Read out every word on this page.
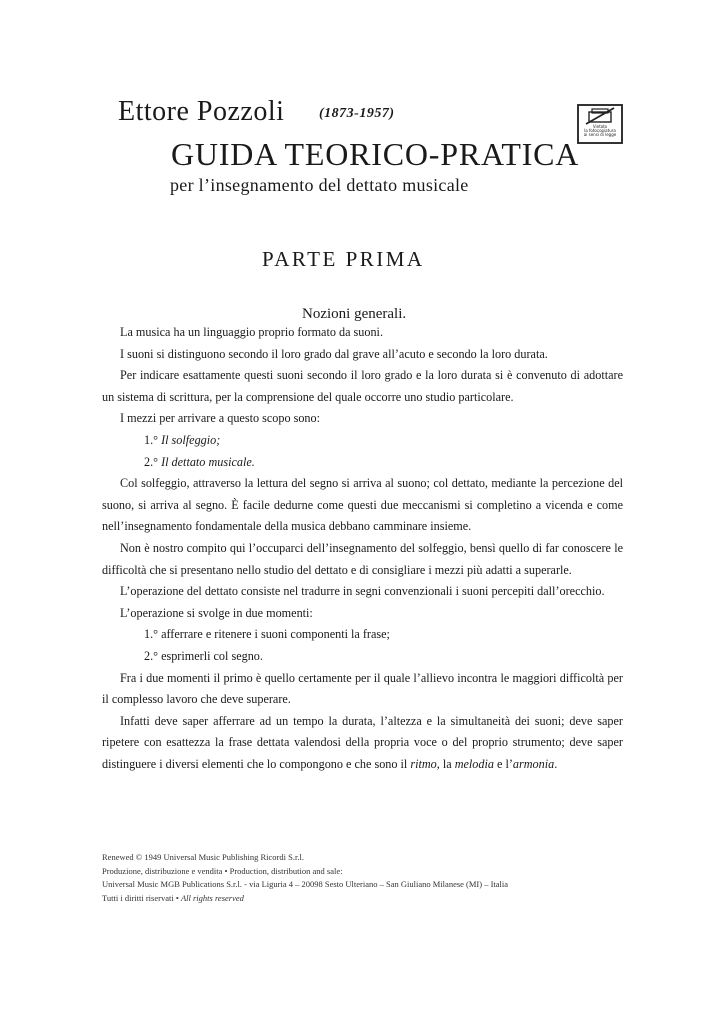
Ettore Pozzoli (1873-1957)
GUIDA TEORICO-PRATICA
per l’insegnamento del dettato musicale
Vietato
la fotocopiatura
ai sensi di legge
PARTE PRIMA
Nozioni generali.

La musica ha un linguaggio proprio formato da suoni.

I suoni si distinguono secondo il loro grado dal grave all’acuto e secondo la loro durata.

Per indicare esattamente questi suoni secondo il loro grado e la loro durata si è convenuto di adottare un sistema di scrittura, per la comprensione del quale occorre uno studio particolare.

I mezzi per arrivare a questo scopo sono:

1.° Il solfeggio;

2.° Il dettato musicale.

Col solfeggio, attraverso la lettura del segno si arriva al suono; col dettato, mediante la percezione del suono, si arriva al segno. È facile dedurne come questi due meccanismi si completino a vicenda e come nell’insegnamento fondamentale della musica debbano camminare insieme.

Non è nostro compito qui l’occuparci dell’insegnamento del solfeggio, bensì quello di far conoscere le difficoltà che si presentano nello studio del dettato e di consigliare i mezzi più adatti a superarle.

L’operazione del dettato consiste nel tradurre in segni convenzionali i suoni percepiti dall’orecchio.

L’operazione si svolge in due momenti:

1.° afferrare e ritenere i suoni componenti la frase;

2.° esprimerli col segno.

Fra i due momenti il primo è quello certamente per il quale l’allievo incontra le maggiori difficoltà per il complesso lavoro che deve superare.

Infatti deve saper afferrare ad un tempo la durata, l’altezza e la simultaneità dei suoni; deve saper ripetere con esattezza la frase dettata valendosi della propria voce o del proprio strumento; deve saper distinguere i diversi elementi che lo compongono e che sono il ritmo, la melodia e l’armonia.

Renewed © 1949 Universal Music Publishing Ricordi S.r.l.
Produzione, distribuzione e vendita • Production, distribution and sale:
Universal Music MGB Publications S.r.l. - via Liguria 4 – 20098 Sesto Ulteriano – San Giuliano Milanese (MI) – Italia
Tutti i diritti riservati • All rights reserved
